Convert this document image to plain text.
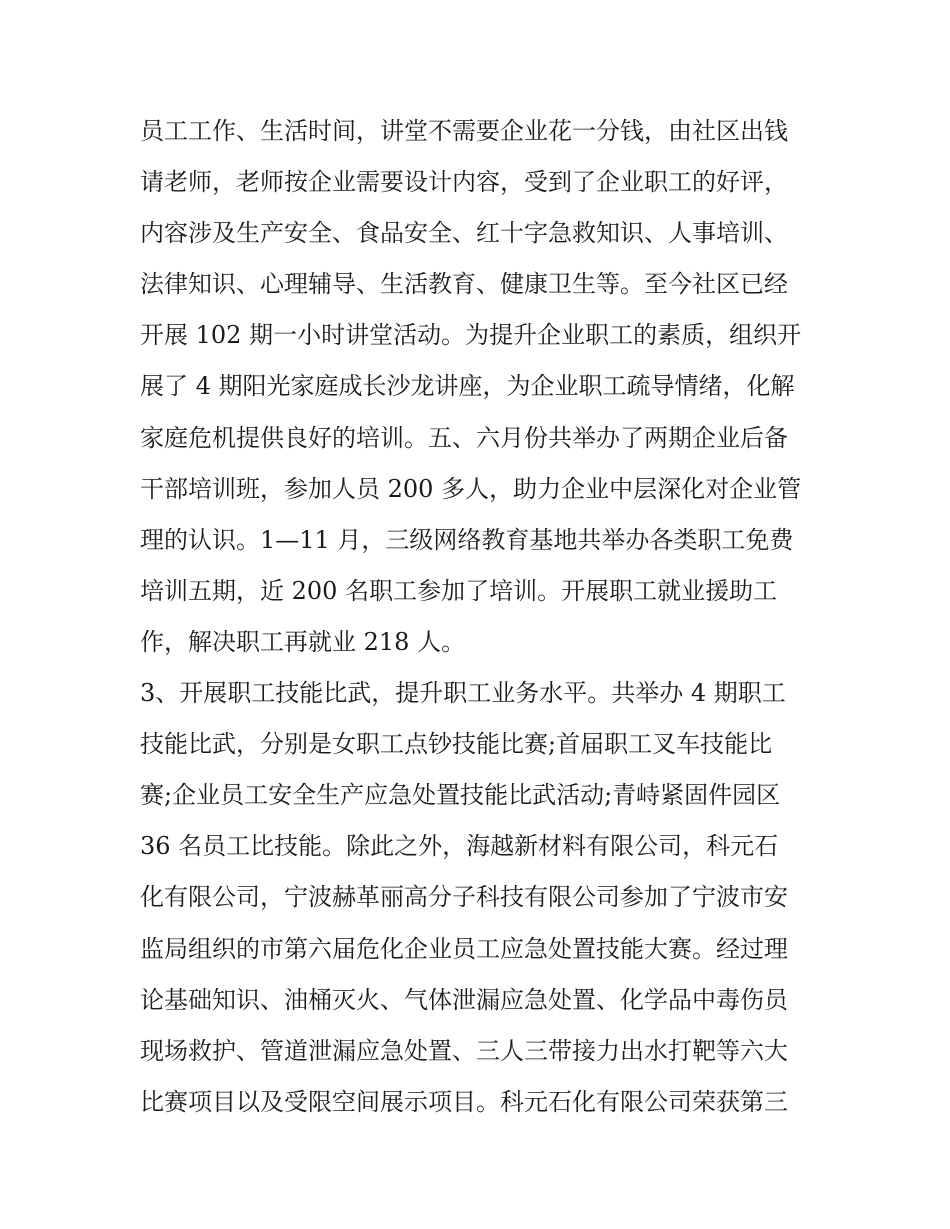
员工工作、生活时间，讲堂不需要企业花一分钱，由社区出钱
请老师，老师按企业需要设计内容，受到了企业职工的好评，
内容涉及生产安全、食品安全、红十字急救知识、人事培训、
法律知识、心理辅导、生活教育、健康卫生等。至今社区已经
开展 102 期一小时讲堂活动。为提升企业职工的素质，组织开
展了 4 期阳光家庭成长沙龙讲座，为企业职工疏导情绪，化解
家庭危机提供良好的培训。五、六月份共举办了两期企业后备
干部培训班，参加人员 200 多人，助力企业中层深化对企业管
理的认识。1—11 月，三级网络教育基地共举办各类职工免费
培训五期，近 200 名职工参加了培训。开展职工就业援助工
作，解决职工再就业 218 人。
3、开展职工技能比武，提升职工业务水平。共举办 4 期职工
技能比武，分别是女职工点钞技能比赛;首届职工叉车技能比
赛;企业员工安全生产应急处置技能比武活动;青峙紧固件园区
36 名员工比技能。除此之外，海越新材料有限公司，科元石
化有限公司，宁波赫革丽高分子科技有限公司参加了宁波市安
监局组织的市第六届危化企业员工应急处置技能大赛。经过理
论基础知识、油桶灭火、气体泄漏应急处置、化学品中毒伤员
现场救护、管道泄漏应急处置、三人三带接力出水打靶等六大
比赛项目以及受限空间展示项目。科元石化有限公司荣获第三
